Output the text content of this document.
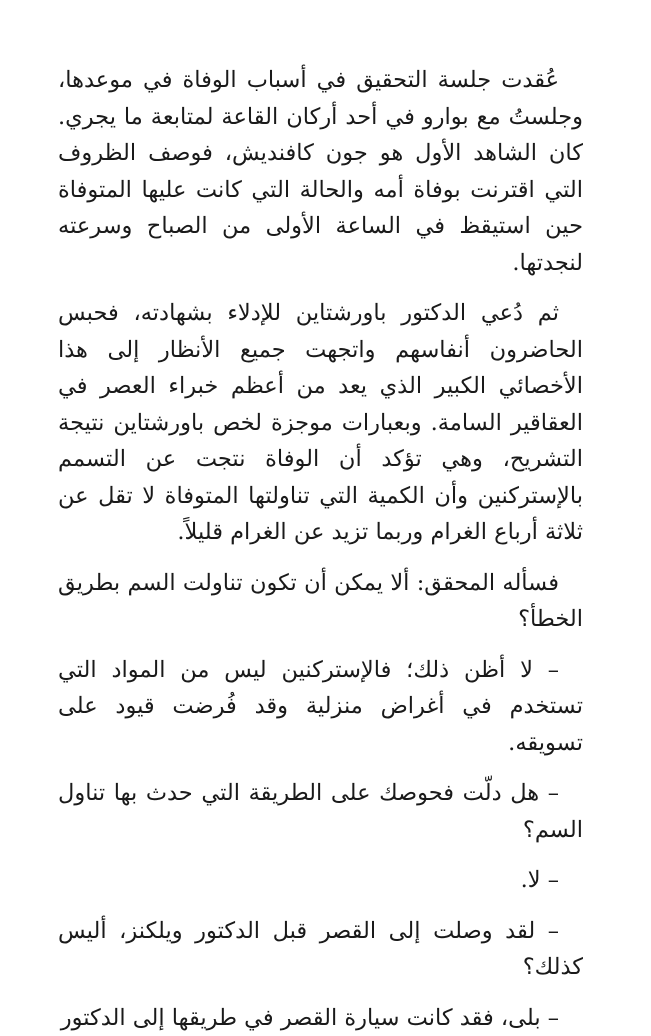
عُقدت جلسة التحقيق في أسباب الوفاة في موعدها، وجلستُ مع بوارو في أحد أركان القاعة لمتابعة ما يجري. كان الشاهد الأول هو جون كافنديش، فوصف الظروف التي اقترنت بوفاة أمه والحالة التي كانت عليها المتوفاة حين استيقظ في الساعة الأولى من الصباح وسرعته لنجدتها.

ثم دُعي الدكتور باورشتاين للإدلاء بشهادته، فحبس الحاضرون أنفاسهم واتجهت جميع الأنظار إلى هذا الأخصائي الكبير الذي يعد من أعظم خبراء العصر في العقاقير السامة. وبعبارات موجزة لخص باورشتاين نتيجة التشريح، وهي تؤكد أن الوفاة نتجت عن التسمم بالإستركنين وأن الكمية التي تناولتها المتوفاة لا تقل عن ثلاثة أرباع الغرام وربما تزيد عن الغرام قليلاً.

فسأله المحقق: ألا يمكن أن تكون تناولت السم بطريق الخطأ؟

– لا أظن ذلك؛ فالإستركنين ليس من المواد التي تستخدم في أغراض منزلية وقد فُرضت قيود على تسويقه.

– هل دلّت فحوصك على الطريقة التي حدث بها تناول السم؟

– لا.

– لقد وصلت إلى القصر قبل الدكتور ويلكنز، أليس كذلك؟

– بلى، فقد كانت سيارة القصر في طريقها إلى الدكتور
